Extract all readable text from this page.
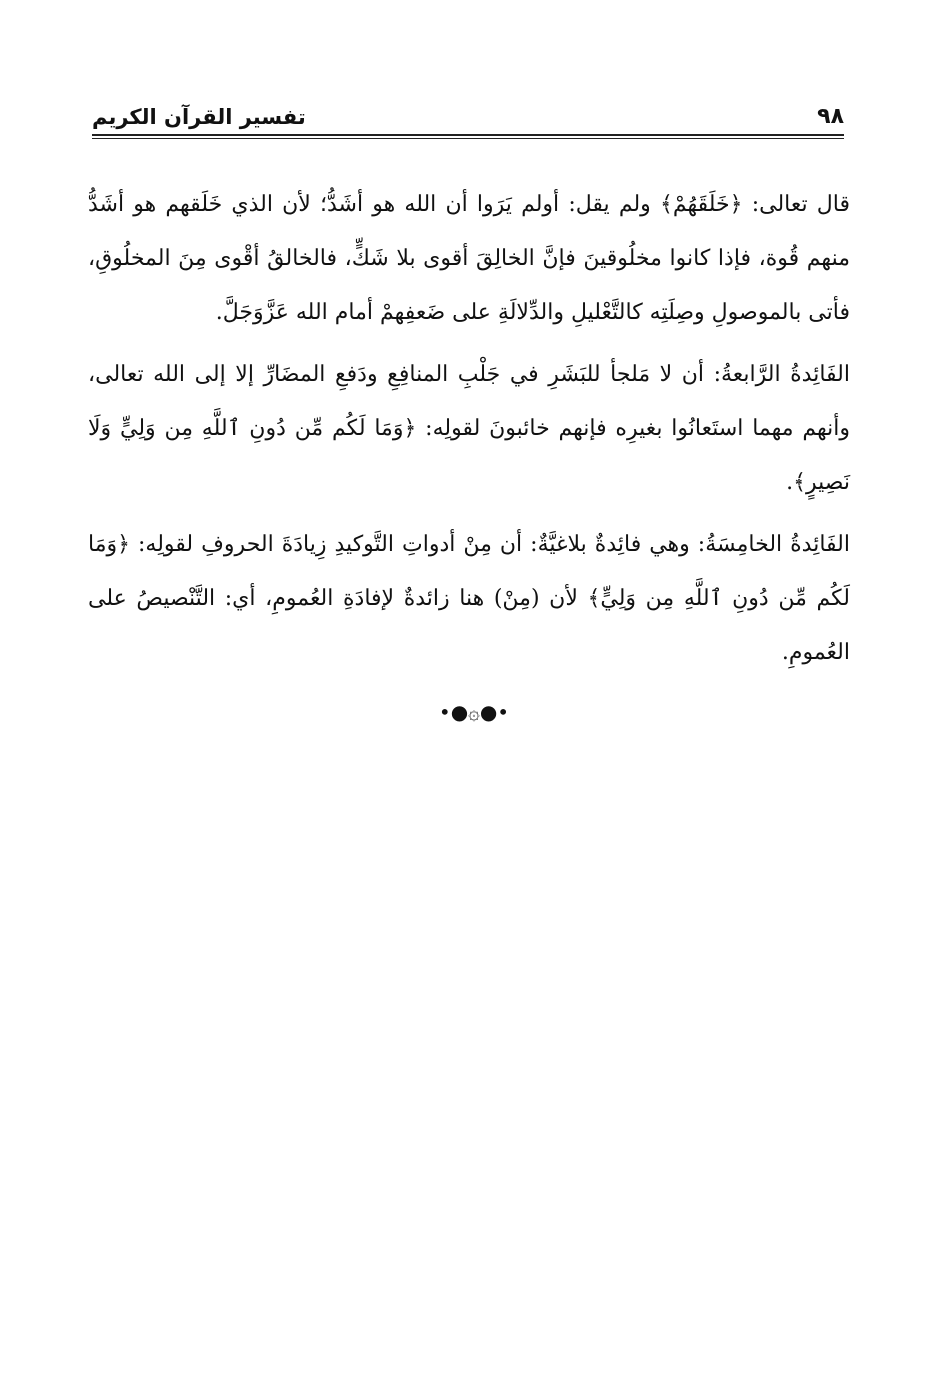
٩٨
تفسير القرآن الكريم

قال تعالى: ﴿خَلَقَهُمْ﴾ ولم يقل: أولم يَرَوا أن الله هو أشَدُّ؛ لأن الذي خَلَقهم هو أشَدُّ منهم قُوة، فإذا كانوا مخلُوقينَ فإنَّ الخالِقَ أقوى بلا شَكٍّ، فالخالقُ أقْوى مِنَ المخلُوقِ، فأتى بالموصولِ وصِلَتِه كالتَّعْليلِ والدِّلالَةِ على ضَعفِهمْ أمام الله عَزَّوَجَلَّ.

الفَائِدةُ الرَّابعةُ: أن لا مَلجأ للبَشَرِ في جَلْبِ المنافِعِ ودَفعِ المضَارِّ إلا إلى الله تعالى، وأنهم مهما استَعانُوا بغيرِه فإنهم خائبونَ لقولِه: ﴿وَمَا لَكُم مِّن دُونِ ٱللَّهِ مِن وَلِيٍّ وَلَا نَصِيرٍ﴾.

الفَائِدةُ الخامِسَةُ: وهي فائِدةٌ بلاغيَّةٌ: أن مِنْ أدواتِ التَّوكيدِ زِيادَةَ الحروفِ لقولِه: ﴿وَمَا لَكُم مِّن دُونِ ٱللَّهِ مِن وَلِيٍّ﴾ لأن (مِنْ) هنا زائدةٌ لإفادَةِ العُمومِ، أي: التَّنْصيصُ على العُمومِ.

•●۞●•
